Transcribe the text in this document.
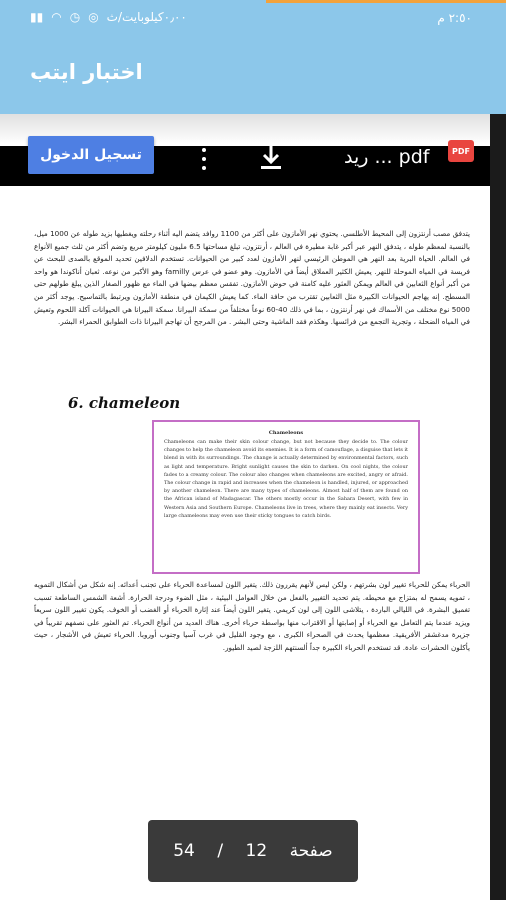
▮▮ ◠ ◷ ◎ ٠٫٠٠كيلوبايت/ث	٢:٥٠ م
اختبار ايتب
تسجيل الدخول	ريد ... pdf	PDF

يتدفق مصب أرنتزون إلى المحيط الأطلسي. يحتوي نهر الأمازون على أكثر من 1100 روافد يتضم اليه أثناء رحلته ويغطيها بزيد طوله عن 1000 ميل، بالنسبة لمعظم طوله ، يتدفق النهر عبر أكبر غابة مطيرة في العالم ، أرنتزون، تبلغ مساحتها 6.5 مليون كيلومتر مربع وتضم أكثر من ثلث جميع الأنواع في العالم. الحياة البرية بعد النهر هي الموطن الرئيسي لنهر الأمازون لعدد كبير من الحيوانات. تستخدم الدلافين تحديد الموقع بالصدى للبحث عن فريسة في المياه الموحلة للنهر. يعيش الكثير العملاق أيضاً في الأمازون. وهو عضو في عرس familly وهو الأكبر من نوعه. ثعبان أناكوندا هو واحد من أكبر أنواع الثعابين في العالم ويمكن العثور عليه كامنة في حوض الأمازون. تفقس معظم بيضها في الماء مع ظهور الصغار الذين يبلغ طولهم حتى المسطح. إنه يهاجم الحيوانات الكبيرة مثل الثعابين تقترب من حافة الماء. كما يعيش الكيمان في منطقة الأمازون ويرتبط بالتماسيح. يوجد أكثر من 5000 نوع مختلف من الأسماك في نهر أرنتزون ، بما في ذلك 40-60 نوعاً مختلفاً من سمكة البيرانا. سمكة البيرانا هي الحيوانات آكلة اللحوم وتعيش في المياه الضحلة ، وتجرية التجمع من فرائسها. وهكذم فقد الماشية وحتى البشر . من المرجح أن تهاجم البيرانا ذات الطوابق الحمراء البشر.

6. chameleon
Chameleons
Chameleons can make their skin colour change, but not because they decide to. The colour changes to help the chameleon avoid its enemies. It is a form of camouflage, a disguise that lets it blend in with its surroundings. The change is actually determined by environmental factors, such as light and temperature. Bright sunlight causes the skin to darken. On cool nights, the colour fades to a creamy colour. The colour also changes when chameleons are excited, angry or afraid. The colour change in rapid and increases when the chameleon is handled, injured, or approached by another chameleon. There are many types of chameleons. Almost half of them are found on the African island of Madagascar. The others mostly occur in the Sahara Desert, with few in Western Asia and Southern Europe. Chameleons live in trees, where they mainly eat insects. Very large chameleons may even use their sticky tongues to catch birds.

الحرباء يمكن للحرباء تغيير لون بشرتهم ، ولكن ليس لأنهم يقررون ذلك. يتغير اللون لمساعدة الحرباء على تجنب أعدائه. إنه شكل من أشكال التمويه ، تمويه يسمح له بمتزاج مع محيطه. يتم تحديد التغيير بالفعل من خلال العوامل البيئية ، مثل الضوء ودرجة الحرارة. أشعة الشمس الساطعة تسبب تغميق البشرة. في الليالي الباردة ، يتلاشى اللون إلى لون كريمي. يتغير اللون أيضاً عند إثارة الحرباء أو الغضب أو الخوف. يكون تغيير اللون سريعاً ويزيد عندما يتم التعامل مع الحرباء أو إصابتها أو الاقتراب منها بواسطة حرباء أخرى. هناك العديد من أنواع الحرباء. تم العثور على نصفهم تقريباً في جزيرة مدغشقر الأفريقية. معظمها يحدث في الصحراء الكبرى ، مع وجود القليل في غرب آسيا وجنوب أوروبا. الحرباء تعيش في الأشجار ، حيث يأكلون الحشرات عادة. قد تستخدم الحرباء الكبيرة جداً ألسنتهم اللزجة لصيد الطيور.

54 / 12 صفحة
